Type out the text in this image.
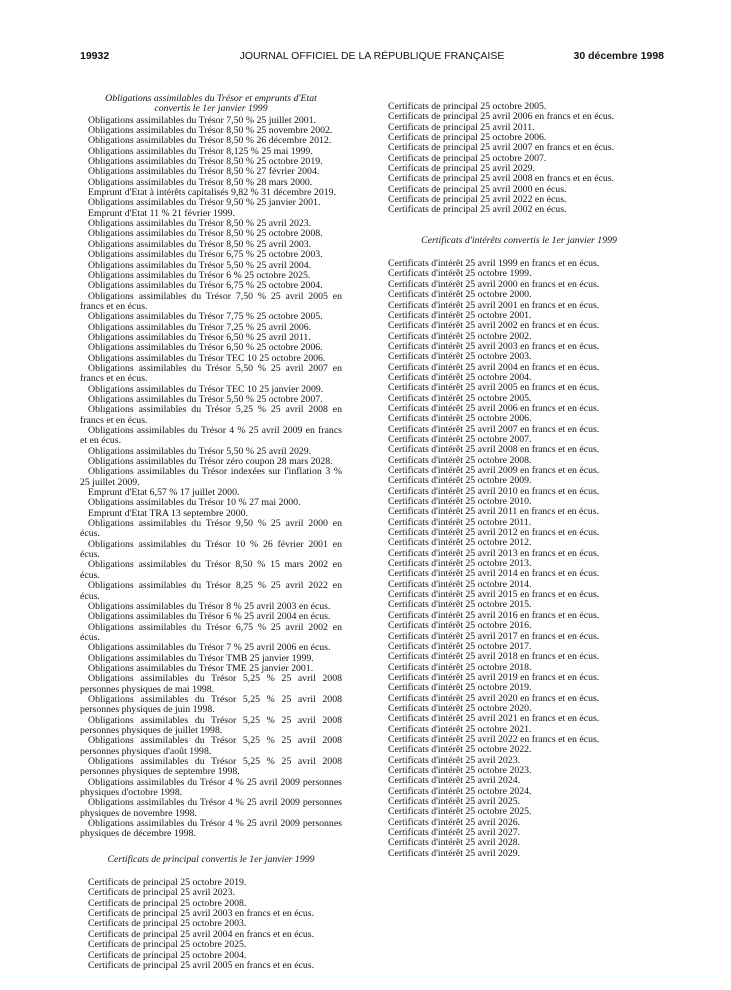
19932	JOURNAL OFFICIEL DE LA RÉPUBLIQUE FRANÇAISE	30 décembre 1998

Obligations assimilables du Trésor et emprunts d'Etat
convertis le 1er janvier 1999

Obligations assimilables du Trésor 7,50 % 25 juillet 2001.
Obligations assimilables du Trésor 8,50 % 25 novembre 2002.
Obligations assimilables du Trésor 8,50 % 26 décembre 2012.
Obligations assimilables du Trésor 8,125 % 25 mai 1999.
Obligations assimilables du Trésor 8,50 % 25 octobre 2019.
Obligations assimilables du Trésor 8,50 % 27 février 2004.
Obligations assimilables du Trésor 8,50 % 28 mars 2000.
Emprunt d'Etat à intérêts capitalisés 9,82 % 31 décembre 2019.
Obligations assimilables du Trésor 9,50 % 25 janvier 2001.
Emprunt d'Etat 11 % 21 février 1999.
Obligations assimilables du Trésor 8,50 % 25 avril 2023.
Obligations assimilables du Trésor 8,50 % 25 octobre 2008.
Obligations assimilables du Trésor 8,50 % 25 avril 2003.
Obligations assimilables du Trésor 6,75 % 25 octobre 2003.
Obligations assimilables du Trésor 5,50 % 25 avril 2004.
Obligations assimilables du Trésor 6 % 25 octobre 2025.
Obligations assimilables du Trésor 6,75 % 25 octobre 2004.
Obligations assimilables du Trésor 7,50 % 25 avril 2005 en francs et en écus.
Obligations assimilables du Trésor 7,75 % 25 octobre 2005.
Obligations assimilables du Trésor 7,25 % 25 avril 2006.
Obligations assimilables du Trésor 6,50 % 25 avril 2011.
Obligations assimilables du Trésor 6,50 % 25 octobre 2006.
Obligations assimilables du Trésor TEC 10 25 octobre 2006.
Obligations assimilables du Trésor 5,50 % 25 avril 2007 en francs et en écus.
Obligations assimilables du Trésor TEC 10 25 janvier 2009.
Obligations assimilables du Trésor 5,50 % 25 octobre 2007.
Obligations assimilables du Trésor 5,25 % 25 avril 2008 en francs et en écus.
Obligations assimilables du Trésor 4 % 25 avril 2009 en francs et en écus.
Obligations assimilables du Trésor 5,50 % 25 avril 2029.
Obligations assimilables du Trésor zéro coupon 28 mars 2028.
Obligations assimilables du Trésor indexées sur l'inflation 3 % 25 juillet 2009.
Emprunt d'Etat 6,57 % 17 juillet 2000.
Obligations assimilables du Trésor 10 % 27 mai 2000.
Emprunt d'Etat TRA 13 septembre 2000.
Obligations assimilables du Trésor 9,50 % 25 avril 2000 en écus.
Obligations assimilables du Trésor 10 % 26 février 2001 en écus.
Obligations assimilables du Trésor 8,50 % 15 mars 2002 en écus.
Obligations assimilables du Trésor 8,25 % 25 avril 2022 en écus.
Obligations assimilables du Trésor 8 % 25 avril 2003 en écus.
Obligations assimilables du Trésor 6 % 25 avril 2004 en écus.
Obligations assimilables du Trésor 6,75 % 25 avril 2002 en écus.
Obligations assimilables du Trésor 7 % 25 avril 2006 en écus.
Obligations assimilables du Trésor TMB 25 janvier 1999.
Obligations assimilables du Trésor TME 25 janvier 2001.
Obligations assimilables du Trésor 5,25 % 25 avril 2008 personnes physiques de mai 1998.
Obligations assimilables du Trésor 5,25 % 25 avril 2008 personnes physiques de juin 1998.
Obligations assimilables du Trésor 5,25 % 25 avril 2008 personnes physiques de juillet 1998.
Obligations assimilables du Trésor 5,25 % 25 avril 2008 personnes physiques d'août 1998.
Obligations assimilables du Trésor 5,25 % 25 avril 2008 personnes physiques de septembre 1998.
Obligations assimilables du Trésor 4 % 25 avril 2009 personnes physiques d'octobre 1998.
Obligations assimilables du Trésor 4 % 25 avril 2009 personnes physiques de novembre 1998.
Obligations assimilables du Trésor 4 % 25 avril 2009 personnes physiques de décembre 1998.

Certificats de principal convertis le 1er janvier 1999

Certificats de principal 25 octobre 2019.
Certificats de principal 25 avril 2023.
Certificats de principal 25 octobre 2008.
Certificats de principal 25 avril 2003 en francs et en écus.
Certificats de principal 25 octobre 2003.
Certificats de principal 25 avril 2004 en francs et en écus.
Certificats de principal 25 octobre 2025.
Certificats de principal 25 octobre 2004.
Certificats de principal 25 avril 2005 en francs et en écus.
Certificats de principal 25 octobre 2005.
Certificats de principal 25 avril 2006 en francs et en écus.
Certificats de principal 25 avril 2011.
Certificats de principal 25 octobre 2006.
Certificats de principal 25 avril 2007 en francs et en écus.
Certificats de principal 25 octobre 2007.
Certificats de principal 25 avril 2029.
Certificats de principal 25 avril 2008 en francs et en écus.
Certificats de principal 25 avril 2000 en écus.
Certificats de principal 25 avril 2022 en écus.
Certificats de principal 25 avril 2002 en écus.

Certificats d'intérêts convertis le 1er janvier 1999

Certificats d'intérêt 25 avril 1999 en francs et en écus.
Certificats d'intérêt 25 octobre 1999.
Certificats d'intérêt 25 avril 2000 en francs et en écus.
Certificats d'intérêt 25 octobre 2000.
Certificats d'intérêt 25 avril 2001 en francs et en écus.
Certificats d'intérêt 25 octobre 2001.
Certificats d'intérêt 25 avril 2002 en francs et en écus.
Certificats d'intérêt 25 octobre 2002.
Certificats d'intérêt 25 avril 2003 en francs et en écus.
Certificats d'intérêt 25 octobre 2003.
Certificats d'intérêt 25 avril 2004 en francs et en écus.
Certificats d'intérêt 25 octobre 2004.
Certificats d'intérêt 25 avril 2005 en francs et en écus.
Certificats d'intérêt 25 octobre 2005.
Certificats d'intérêt 25 avril 2006 en francs et en écus.
Certificats d'intérêt 25 octobre 2006.
Certificats d'intérêt 25 avril 2007 en francs et en écus.
Certificats d'intérêt 25 octobre 2007.
Certificats d'intérêt 25 avril 2008 en francs et en écus.
Certificats d'intérêt 25 octobre 2008.
Certificats d'intérêt 25 avril 2009 en francs et en écus.
Certificats d'intérêt 25 octobre 2009.
Certificats d'intérêt 25 avril 2010 en francs et en écus.
Certificats d'intérêt 25 octobre 2010.
Certificats d'intérêt 25 avril 2011 en francs et en écus.
Certificats d'intérêt 25 octobre 2011.
Certificats d'intérêt 25 avril 2012 en francs et en écus.
Certificats d'intérêt 25 octobre 2012.
Certificats d'intérêt 25 avril 2013 en francs et en écus.
Certificats d'intérêt 25 octobre 2013.
Certificats d'intérêt 25 avril 2014 en francs et en écus.
Certificats d'intérêt 25 octobre 2014.
Certificats d'intérêt 25 avril 2015 en francs et en écus.
Certificats d'intérêt 25 octobre 2015.
Certificats d'intérêt 25 avril 2016 en francs et en écus.
Certificats d'intérêt 25 octobre 2016.
Certificats d'intérêt 25 avril 2017 en francs et en écus.
Certificats d'intérêt 25 octobre 2017.
Certificats d'intérêt 25 avril 2018 en francs et en écus.
Certificats d'intérêt 25 octobre 2018.
Certificats d'intérêt 25 avril 2019 en francs et en écus.
Certificats d'intérêt 25 octobre 2019.
Certificats d'intérêt 25 avril 2020 en francs et en écus.
Certificats d'intérêt 25 octobre 2020.
Certificats d'intérêt 25 avril 2021 en francs et en écus.
Certificats d'intérêt 25 octobre 2021.
Certificats d'intérêt 25 avril 2022 en francs et en écus.
Certificats d'intérêt 25 octobre 2022.
Certificats d'intérêt 25 avril 2023.
Certificats d'intérêt 25 octobre 2023.
Certificats d'intérêt 25 avril 2024.
Certificats d'intérêt 25 octobre 2024.
Certificats d'intérêt 25 avril 2025.
Certificats d'intérêt 25 octobre 2025.
Certificats d'intérêt 25 avril 2026.
Certificats d'intérêt 25 avril 2027.
Certificats d'intérêt 25 avril 2028.
Certificats d'intérêt 25 avril 2029.
